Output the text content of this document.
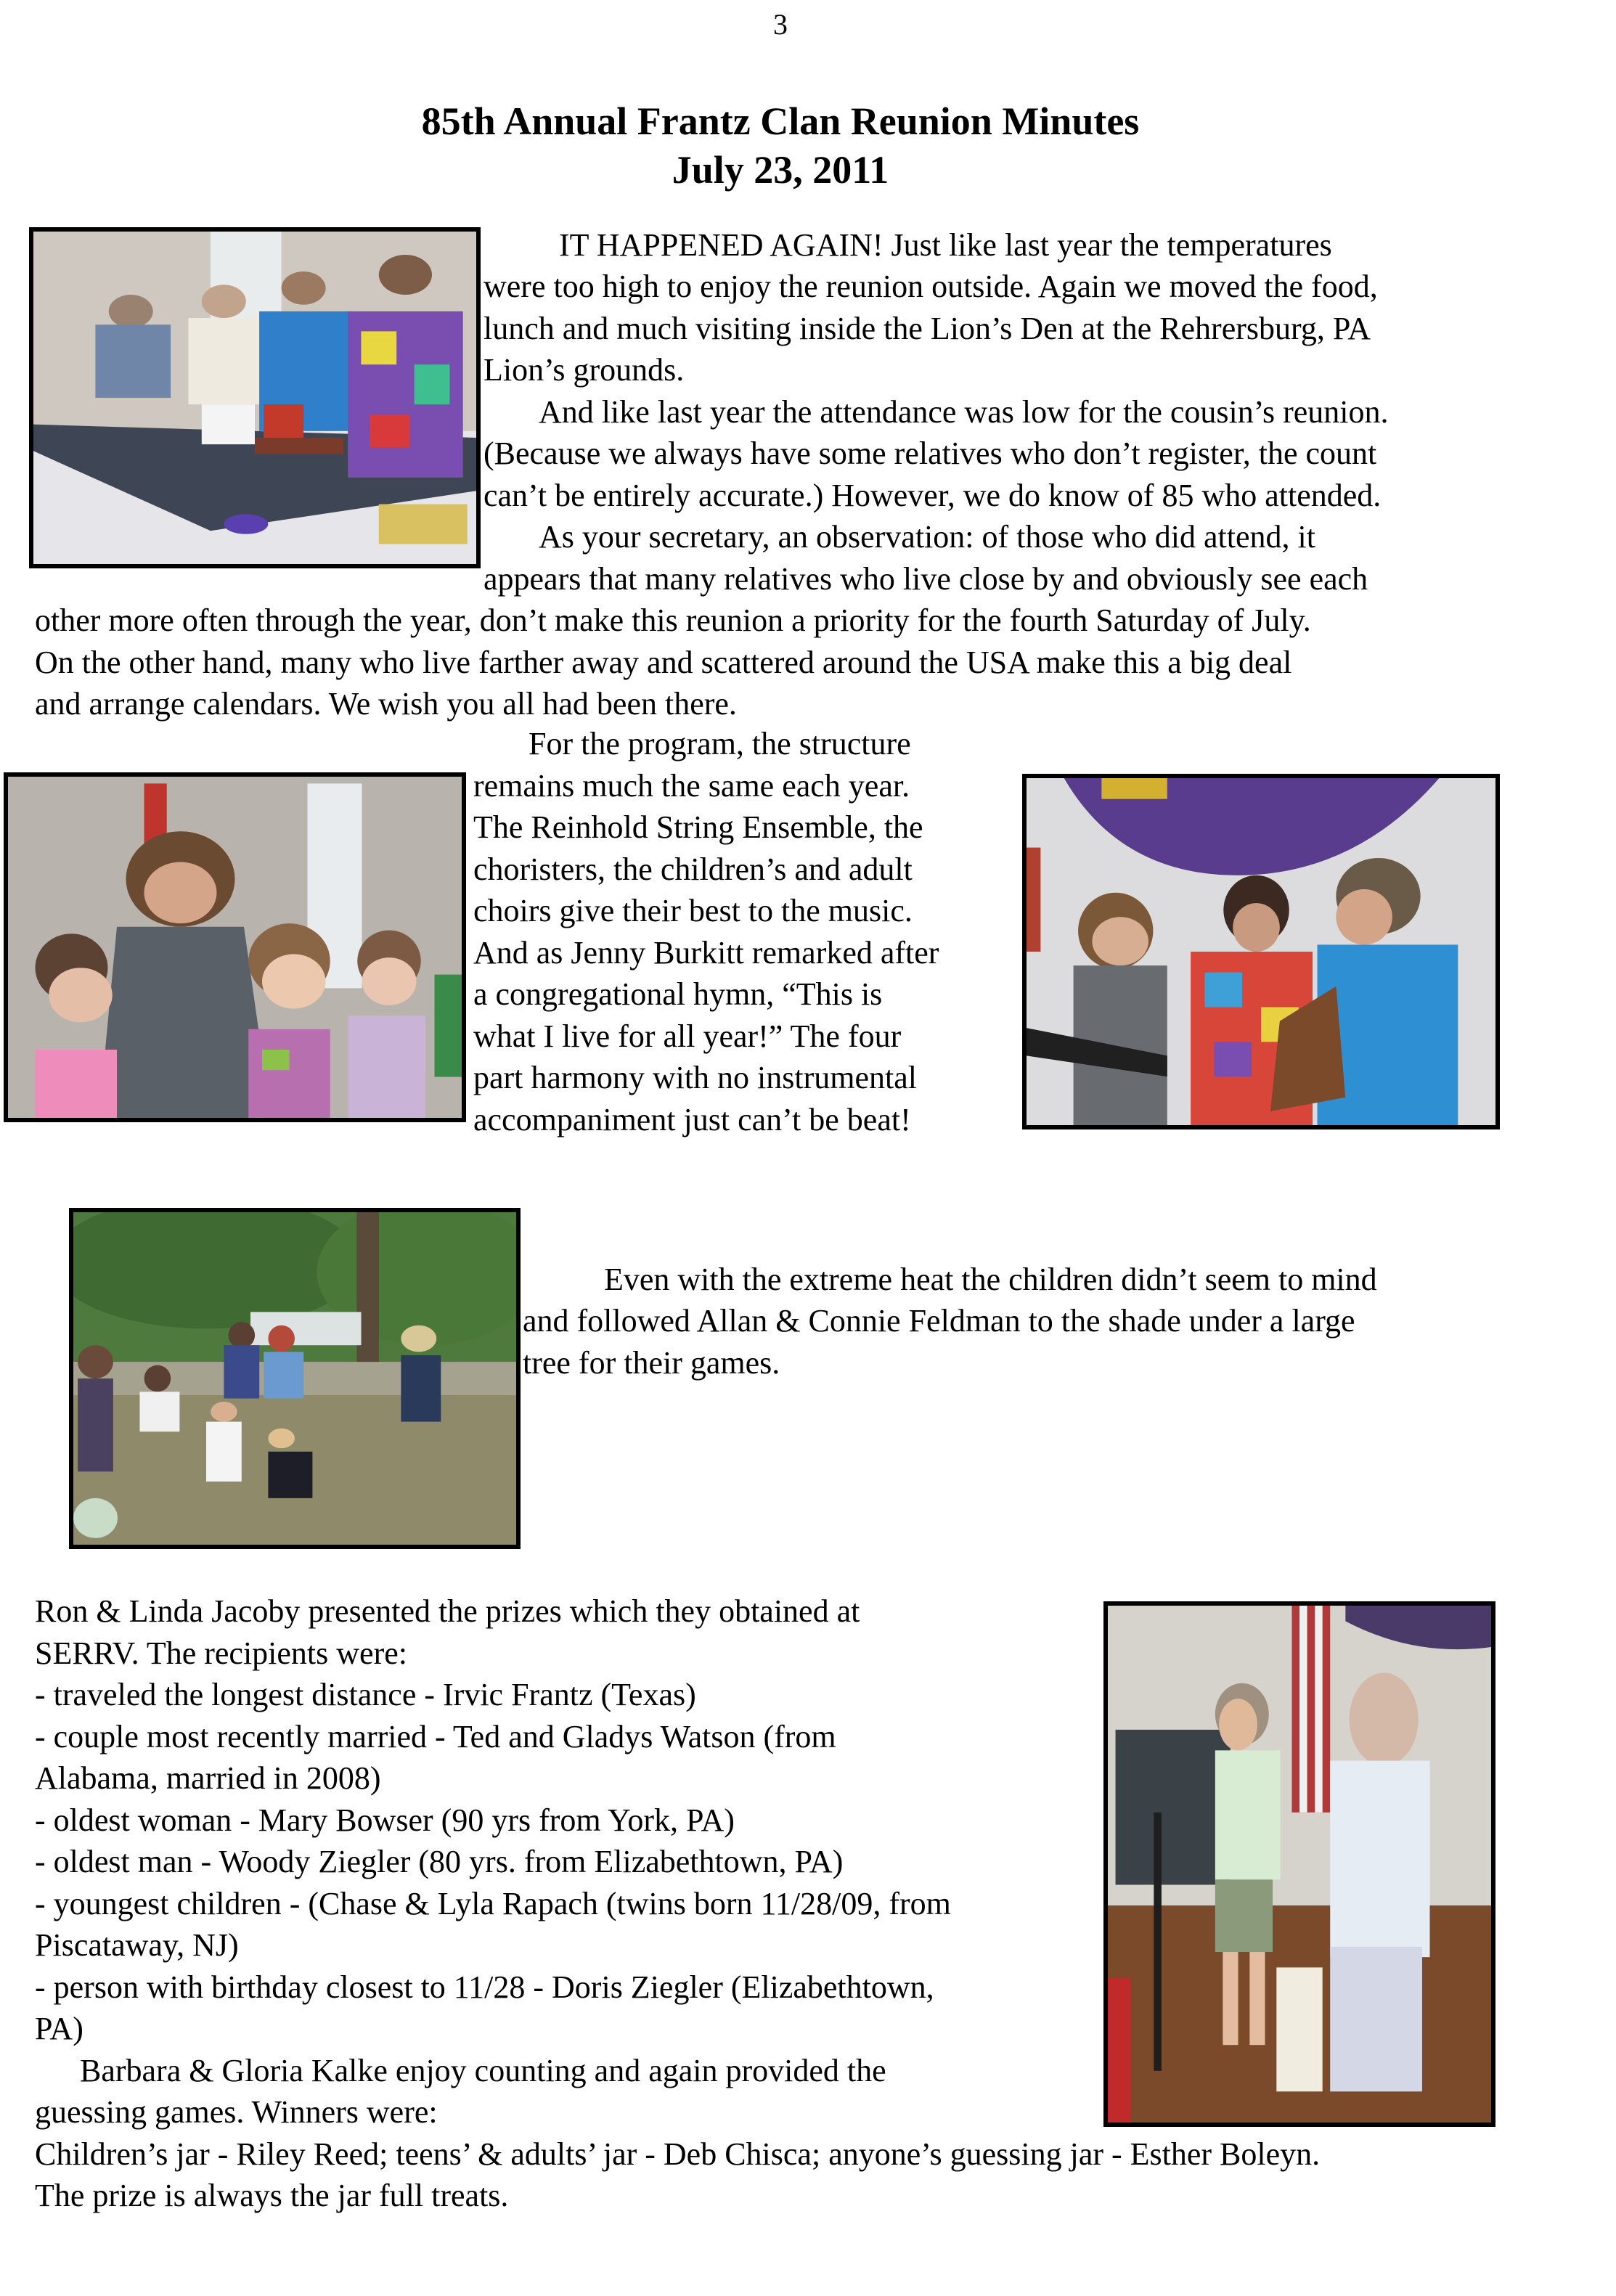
3
85th Annual Frantz Clan Reunion Minutes
July 23, 2011
IT HAPPENED AGAIN! Just like last year the temperatures
were too high to enjoy the reunion outside. Again we moved the food,
lunch and much visiting inside the Lion’s Den at the Rehrersburg, PA
Lion’s grounds.
And like last year the attendance was low for the cousin’s reunion.
(Because we always have some relatives who don’t register, the count
can’t be entirely accurate.) However, we do know of 85 who attended.
As your secretary, an observation: of those who did attend, it
appears that many relatives who live close by and obviously see each
other more often through the year, don’t make this reunion a priority for the fourth Saturday of July.
On the other hand, many who live farther away and scattered around the USA make this a big deal
and arrange calendars. We wish you all had been there.
For the program, the structure
remains much the same each year.
The Reinhold String Ensemble, the
choristers, the children’s and adult
choirs give their best to the music.
And as Jenny Burkitt remarked after
a congregational hymn, “This is
what I live for all year!” The four
part harmony with no instrumental
accompaniment just can’t be beat!
Even with the extreme heat the children didn’t seem to mind
and followed Allan & Connie Feldman to the shade under a large
tree for their games.
Ron & Linda Jacoby presented the prizes which they obtained at
SERRV. The recipients were:
- traveled the longest distance - Irvic Frantz (Texas)
- couple most recently married - Ted and Gladys Watson (from
Alabama, married in 2008)
- oldest woman - Mary Bowser (90 yrs from York, PA)
- oldest man - Woody Ziegler (80 yrs. from Elizabethtown, PA)
- youngest children - (Chase & Lyla Rapach (twins born 11/28/09, from
Piscataway, NJ)
- person with birthday closest to 11/28 - Doris Ziegler (Elizabethtown,
PA)
Barbara & Gloria Kalke enjoy counting and again provided the
guessing games. Winners were:
Children’s jar - Riley Reed; teens’ & adults’ jar - Deb Chisca; anyone’s guessing jar - Esther Boleyn.
The prize is always the jar full treats.
